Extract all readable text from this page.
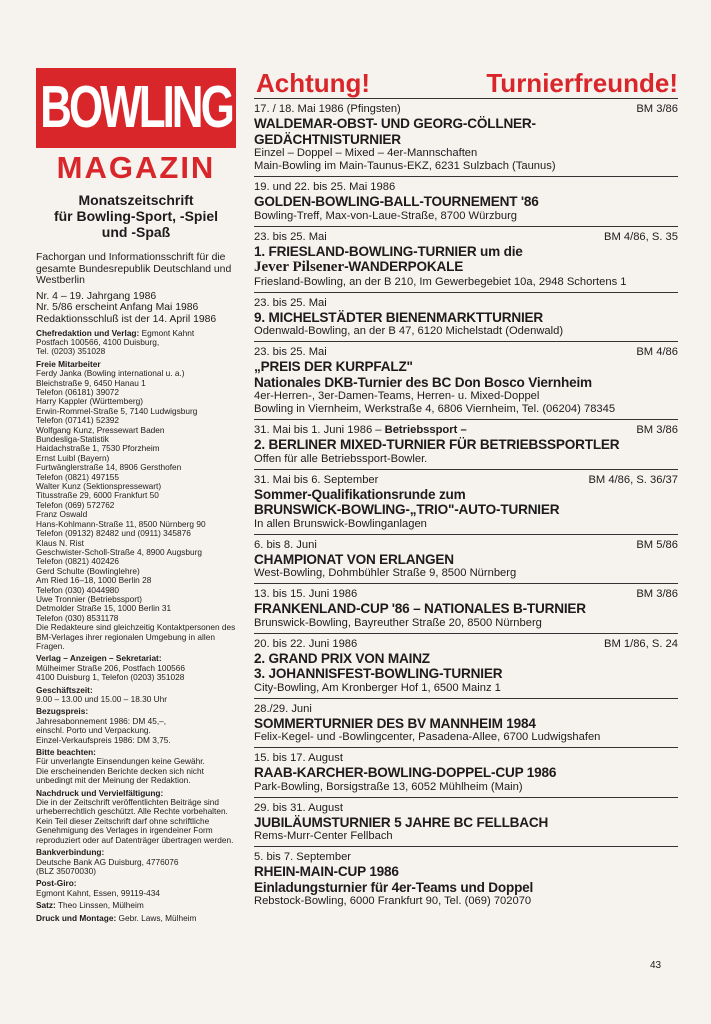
BOWLING
MAGAZIN
Monatszeitschrift
für Bowling-Sport, -Spiel
und -Spaß
Fachorgan und Informationsschrift für die gesamte Bundesrepublik Deutschland und Westberlin
Nr. 4 – 19. Jahrgang 1986
Nr. 5/86 erscheint Anfang Mai 1986
Redaktionsschluß ist der 14. April 1986
Chefredaktion und Verlag: Egmont Kahnt
Postfach 100566, 4100 Duisburg,
Tel. (0203) 351028
Freie Mitarbeiter
Ferdy Janka (Bowling international u. a.)
Bleichstraße 9, 6450 Hanau 1
Telefon (06181) 39072
Harry Kappler (Württemberg)
Erwin-Rommel-Straße 5, 7140 Ludwigsburg
Telefon (07141) 52392
Wolfgang Kunz, Pressewart Baden
Bundesliga-Statistik
Haidachstraße 1, 7530 Pforzheim
Ernst Luibl (Bayern)
Furtwänglerstraße 14, 8906 Gersthofen
Telefon (0821) 497155
Walter Kunz (Sektionspressewart)
Titusstraße 29, 6000 Frankfurt 50
Telefon (069) 572762
Franz Oswald
Hans-Kohlmann-Straße 11, 8500 Nürnberg 90
Telefon (09132) 82482 und (0911) 345876
Klaus N. Rist
Geschwister-Scholl-Straße 4, 8900 Augsburg
Telefon (0821) 402426
Gerd Schulte (Bowlinglehre)
Am Ried 16–18, 1000 Berlin 28
Telefon (030) 4044980
Uwe Tronnier (Betriebssport)
Detmolder Straße 15, 1000 Berlin 31
Telefon (030) 8531178
Die Redakteure sind gleichzeitig Kontaktpersonen des BM-Verlages ihrer regionalen Umgebung in allen Fragen.
Verlag – Anzeigen – Sekretariat:
Mülheimer Straße 206, Postfach 100566
4100 Duisburg 1, Telefon (0203) 351028
Geschäftszeit:
9.00 – 13.00 und 15.00 – 18.30 Uhr
Bezugspreis:
Jahresabonnement 1986: DM 45,–,
einschl. Porto und Verpackung.
Einzel-Verkaufspreis 1986: DM 3,75.
Bitte beachten:
Für unverlangte Einsendungen keine Gewähr.
Die erscheinenden Berichte decken sich nicht unbedingt mit der Meinung der Redaktion.
Nachdruck und Vervielfältigung:
Die in der Zeitschrift veröffentlichten Beiträge sind urheberrechtlich geschützt. Alle Rechte vorbehalten.
Kein Teil dieser Zeitschrift darf ohne schriftliche Genehmigung des Verlages in irgendeiner Form reproduziert oder auf Datenträger übertragen werden.
Bankverbindung:
Deutsche Bank AG Duisburg, 4776076
(BLZ 35070030)
Post-Giro:
Egmont Kahnt, Essen, 99119-434
Satz: Theo Linssen, Mülheim
Druck und Montage: Gebr. Laws, Mülheim
Achtung!	Turnierfreunde!
17. / 18. Mai 1986 (Pfingsten)	BM 3/86
WALDEMAR-OBST- UND GEORG-CÖLLNER-
GEDÄCHTNISTURNIER
Einzel – Doppel – Mixed – 4er-Mannschaften
Main-Bowling im Main-Taunus-EKZ, 6231 Sulzbach (Taunus)
19. und 22. bis 25. Mai 1986
GOLDEN-BOWLING-BALL-TOURNEMENT '86
Bowling-Treff, Max-von-Laue-Straße, 8700 Würzburg
23. bis 25. Mai	BM 4/86, S. 35
1. FRIESLAND-BOWLING-TURNIER um die
Jever Pilsener-WANDERPOKALE
Friesland-Bowling, an der B 210, Im Gewerbegebiet 10a, 2948 Schortens 1
23. bis 25. Mai
9. MICHELSTÄDTER BIENENMARKTTURNIER
Odenwald-Bowling, an der B 47, 6120 Michelstadt (Odenwald)
23. bis 25. Mai	BM 4/86
„PREIS DER KURPFALZ"
Nationales DKB-Turnier des BC Don Bosco Viernheim
4er-Herren-, 3er-Damen-Teams, Herren- u. Mixed-Doppel
Bowling in Viernheim, Werkstraße 4, 6806 Viernheim, Tel. (06204) 78345
31. Mai bis 1. Juni 1986 – Betriebssport –	BM 3/86
2. BERLINER MIXED-TURNIER FÜR BETRIEBSSPORTLER
Offen für alle Betriebssport-Bowler.
31. Mai bis 6. September	BM 4/86, S. 36/37
Sommer-Qualifikationsrunde zum
BRUNSWICK-BOWLING-„TRIO"-AUTO-TURNIER
In allen Brunswick-Bowlinganlagen
6. bis 8. Juni	BM 5/86
CHAMPIONAT VON ERLANGEN
West-Bowling, Dohmbühler Straße 9, 8500 Nürnberg
13. bis 15. Juni 1986	BM 3/86
FRANKENLAND-CUP '86 – NATIONALES B-TURNIER
Brunswick-Bowling, Bayreuther Straße 20, 8500 Nürnberg
20. bis 22. Juni 1986	BM 1/86, S. 24
2. GRAND PRIX VON MAINZ
3. JOHANNISFEST-BOWLING-TURNIER
City-Bowling, Am Kronberger Hof 1, 6500 Mainz 1
28./29. Juni
SOMMERTURNIER DES BV MANNHEIM 1984
Felix-Kegel- und -Bowlingcenter, Pasadena-Allee, 6700 Ludwigshafen
15. bis 17. August
RAAB-KARCHER-BOWLING-DOPPEL-CUP 1986
Park-Bowling, Borsigstraße 13, 6052 Mühlheim (Main)
29. bis 31. August
JUBILÄUMSTURNIER 5 JAHRE BC FELLBACH
Rems-Murr-Center Fellbach
5. bis 7. September
RHEIN-MAIN-CUP 1986
Einladungsturnier für 4er-Teams und Doppel
Rebstock-Bowling, 6000 Frankfurt 90, Tel. (069) 702070
43
